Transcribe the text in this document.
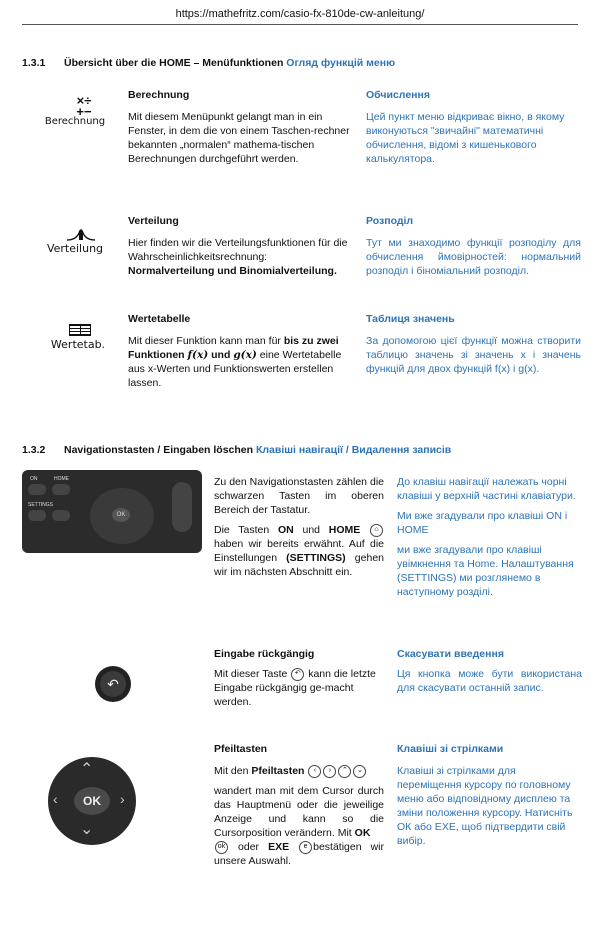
https://mathefritz.com/casio-fx-810de-cw-anleitung/
1.3.1 Übersicht über die HOME – Menüfunktionen Огляд функцій меню
×÷
+−
Berechnung
Berechnung
Mit diesem Menüpunkt gelangt man in ein Fenster, in dem die von einem Taschen-rechner bekannten „normalen“ mathema-tischen Berechnungen durchgeführt werden.
Обчислення
Цей пункт меню відкриває вікно, в якому виконуються "звичайні" математичні обчислення, відомі з кишенькового калькулятора.
Verteilung
Verteilung
Hier finden wir die Verteilungsfunktionen für die Wahrscheinlichkeitsrechnung:
Normalverteilung und Binomialverteilung.
Розподіл
Тут ми знаходимо функції розподілу для обчислення ймовірностей: нормальний розподіл і біноміальний розподіл.
Wertetab.
Wertetabelle
Mit dieser Funktion kann man für bis zu zwei Funktionen f(x) und g(x) eine Wertetabelle aus x-Werten und Funktionswerten erstellen lassen.
Таблиця значень
За допомогою цієї функції можна створити таблицю значень зі значень x і значень функцій для двох функцій f(x) і g(x).
1.3.2 Navigationstasten / Eingaben löschen Клавіші навігації / Видалення записів
ON	HOME
SETTINGS
OK
Zu den Navigationstasten zählen die schwarzen Tasten im oberen Bereich der Tastatur.
Die Tasten ON und HOME ⌂ haben wir bereits erwähnt. Auf die Einstellungen (SETTINGS) gehen wir im nächsten Abschnitt ein.
До клавіш навігації належать чорні клавіші у верхній частині клавіатури.
Ми вже згадували про клавіші ON і HOME
ми вже згадували про клавіші увімкнення та Home. Налаштування (SETTINGS) ми розглянемо в наступному розділі.
↶
Eingabe rückgängig
Mit dieser Taste ↶ kann die letzte Eingabe rückgängig ge-macht werden.
Скасувати введення
Ця кнопка може бути використана для скасувати останній запис.
⌃
⌄
‹	›
OK
Pfeiltasten
Mit den Pfeiltasten ‹ › ⌃ ⌄
wandert man mit dem Cursor durch das Hauptmenü oder die jeweilige Anzeige und kann so die Cursorposition verändern. Mit OK
ok oder EXE e bestätigen wir unsere Auswahl.
Клавіші зі стрілками
Клавіші зі стрілками для переміщення курсору по головному меню або відповідному дисплею та зміни положення курсору. Натисніть ОК або EXE, щоб підтвердити свій вибір.
